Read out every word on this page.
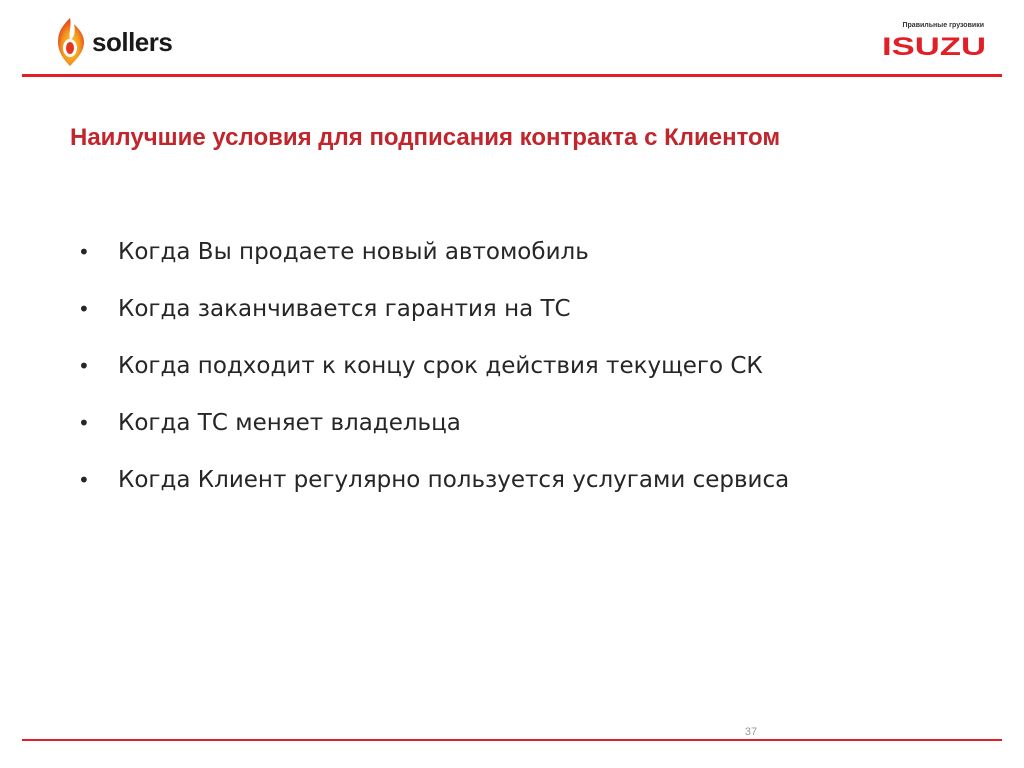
sollers
Правильные грузовики
ISUZU
Наилучшие условия для подписания контракта с Клиентом
•	Когда Вы продаете новый автомобиль
•	Когда заканчивается гарантия на ТС
•	Когда подходит к концу срок действия текущего СК
•	Когда ТС меняет владельца
•	Когда Клиент регулярно пользуется услугами сервиса
37
